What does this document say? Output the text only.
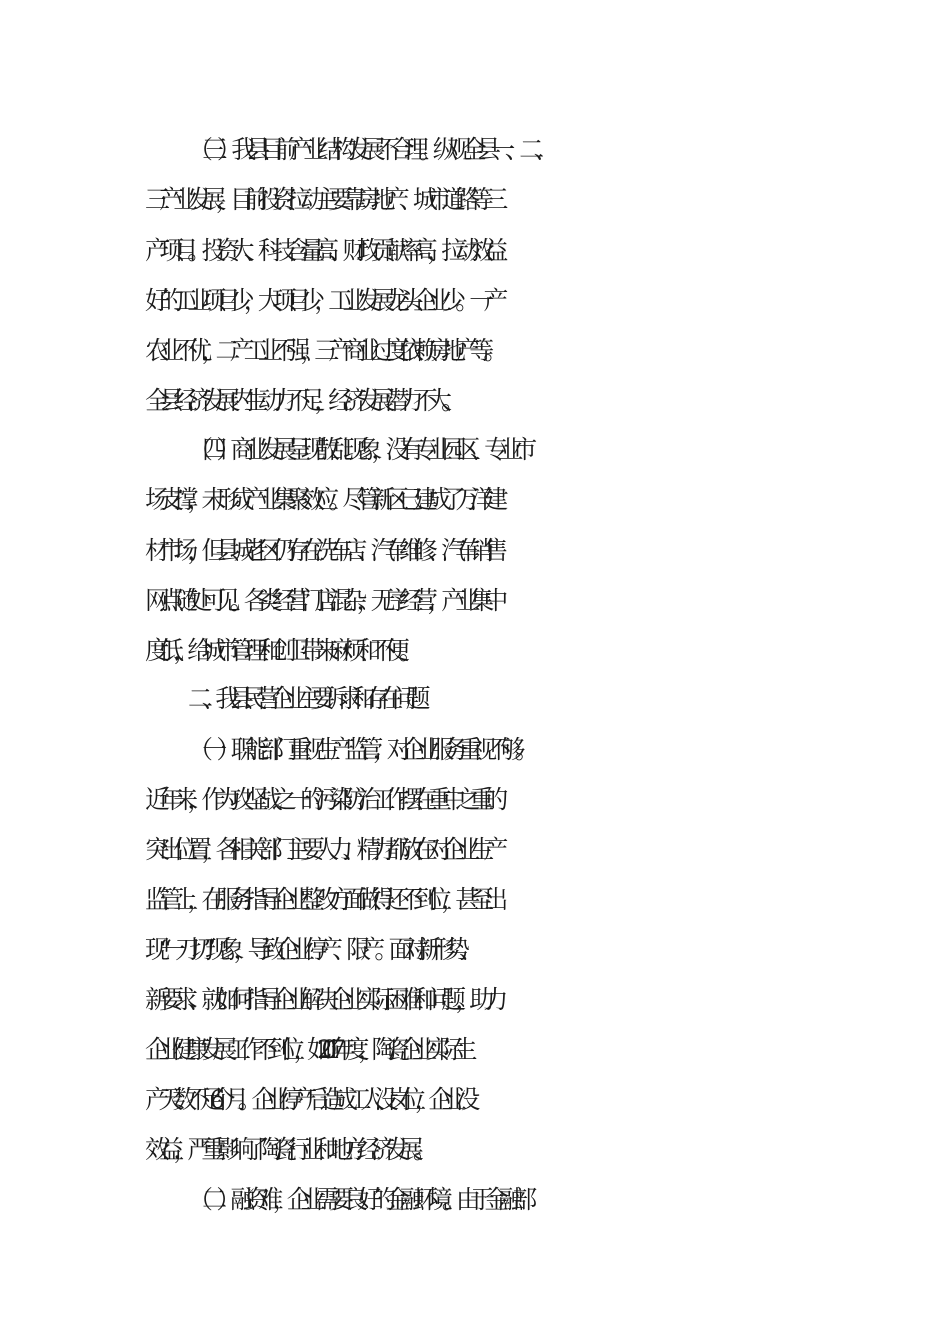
（三）我县目前产业结构发展不合理。纵观全县一、二、
三产业发展，目前投资拉动主要靠房地产、城市道路等三
产项目。投资大、科技含量高、财政贡献率高，拉动效益
好的工业项目少，大项目少，工业发展龙头企业少。一产
农业不优，二产工业不强，三产商业过度依赖房地产等。
全县经济发展内生动力不足，经济发展潜力不大。
（四）商业发展呈现散乱现象，没有专业园区、专业市
场支撑，未形成产业集聚效应。尽管新区已建成了万洋建
材市场，但县城老区仍存在洗车店、汽车维修、汽车销售
网点随处可见。各类经营门店混杂，无序经营，产业集中
度低，给城市管理和创卫带来麻烦和不便。
二、我县民营企业主要诉求和存在问题
（一）职能部门重视生产监管，对企业服务重视不够。
近年来，作为攻坚战之一的污染防治工作摆在重中之重的
突出位置，各相关部门主要人力、精力都放在对企业生产
监管上，在服务指导企业整改方面做得还不到位，甚至出
现“一刀切”现象，导致企业停产、限产。面对新形势、
新要求、就如何指导企业解决企业实际困难和问题，助力
企业健康发展工作不到位，如 2017 年度，陶瓷企业实际生
产天数不足 6 个月。企业停产后造成工人没岗位，企业没
效益，严重影响了陶瓷行业和地方经济发展。
（二）融资难，企业需要良好的金融环境。由于金融部
